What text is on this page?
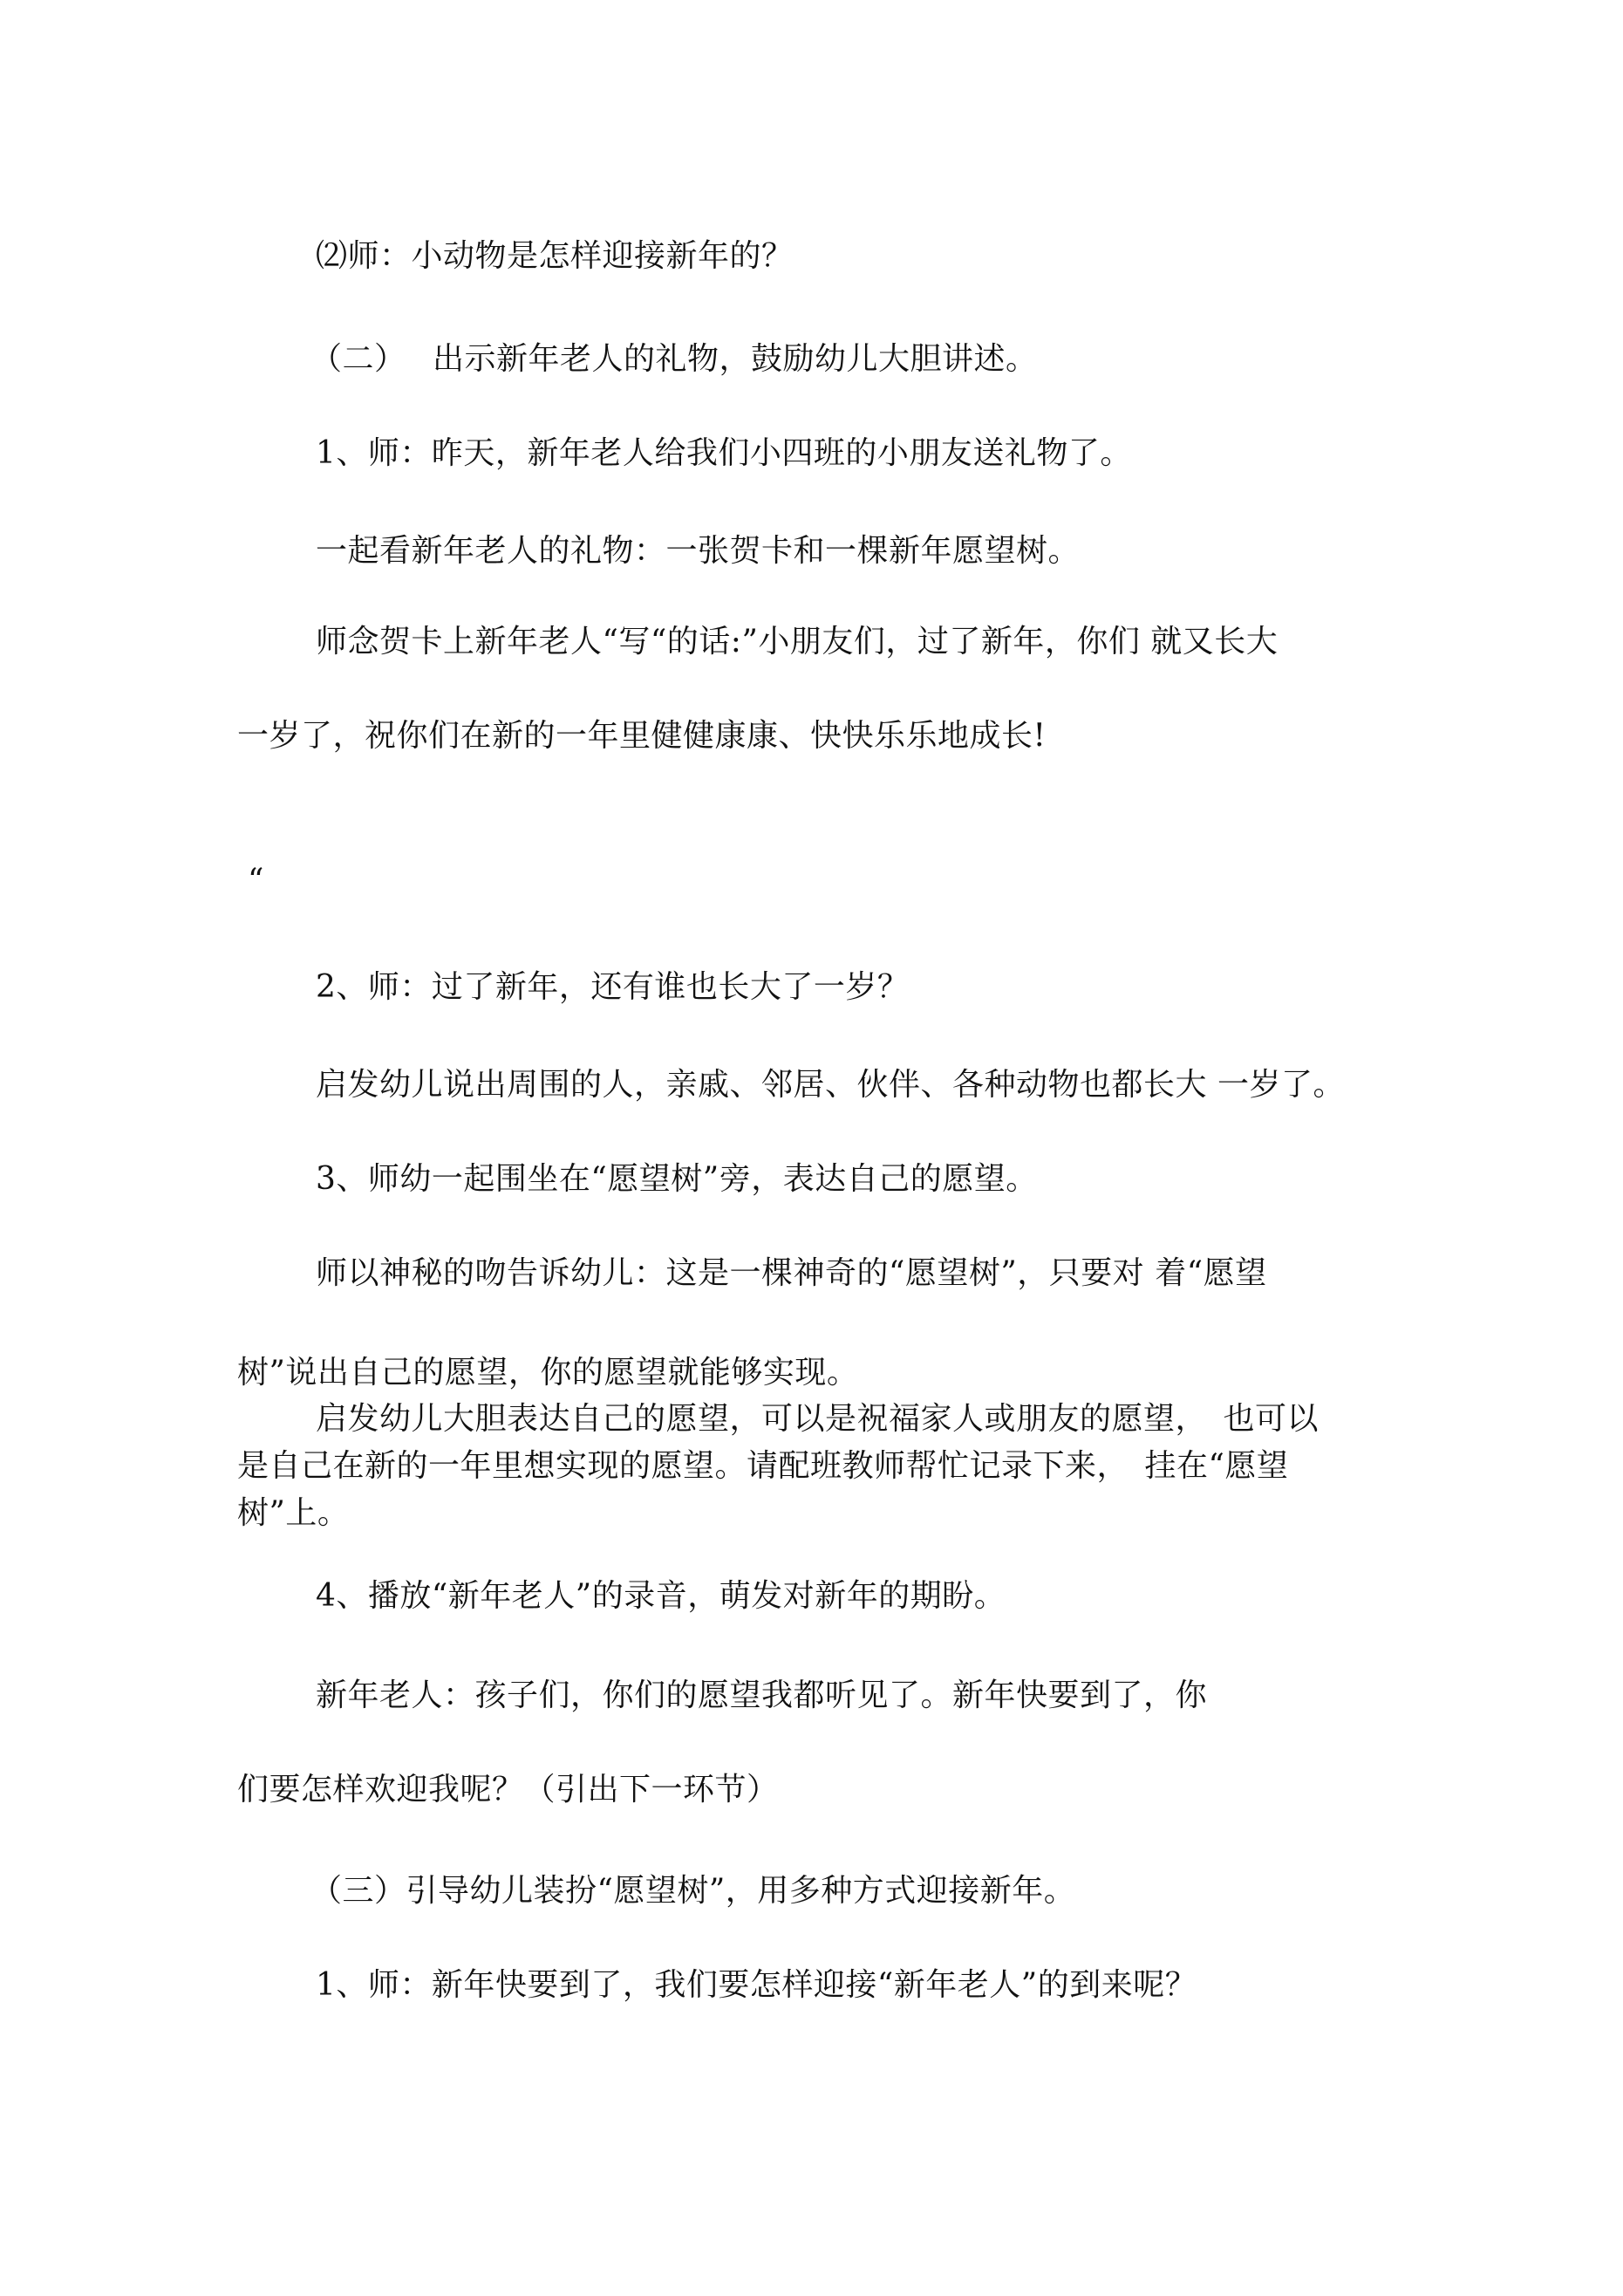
⑵师：小动物是怎样迎接新年的？

（二）　 出示新年老人的礼物，鼓励幼儿大胆讲述。

1、师：昨天，新年老人给我们小四班的小朋友送礼物了。

一起看新年老人的礼物：一张贺卡和一棵新年愿望树。

师念贺卡上新年老人“写“的话:”小朋友们，过了新年，你们 就又长大

一岁了，祝你们在新的一年里健健康康、快快乐乐地成长!

“

2、师：过了新年，还有谁也长大了一岁？

启发幼儿说出周围的人，亲戚、邻居、伙伴、各种动物也都长大 一岁了。

3、师幼一起围坐在“愿望树”旁，表达自己的愿望。

师以神秘的吻告诉幼儿：这是一棵神奇的“愿望树”，只要对 着“愿望

树”说出自己的愿望，你的愿望就能够实现。

启发幼儿大胆表达自己的愿望，可以是祝福家人或朋友的愿望，　也可以
是自己在新的一年里想实现的愿望。请配班教师帮忙记录下来，　挂在“愿望
树”上。

4、播放“新年老人”的录音，萌发对新年的期盼。

新年老人：孩子们，你们的愿望我都听见了。新年快要到了，你

们要怎样欢迎我呢？（引出下一环节）

（三）引导幼儿装扮“愿望树”，用多种方式迎接新年。

1、师：新年快要到了，我们要怎样迎接“新年老人”的到来呢？
